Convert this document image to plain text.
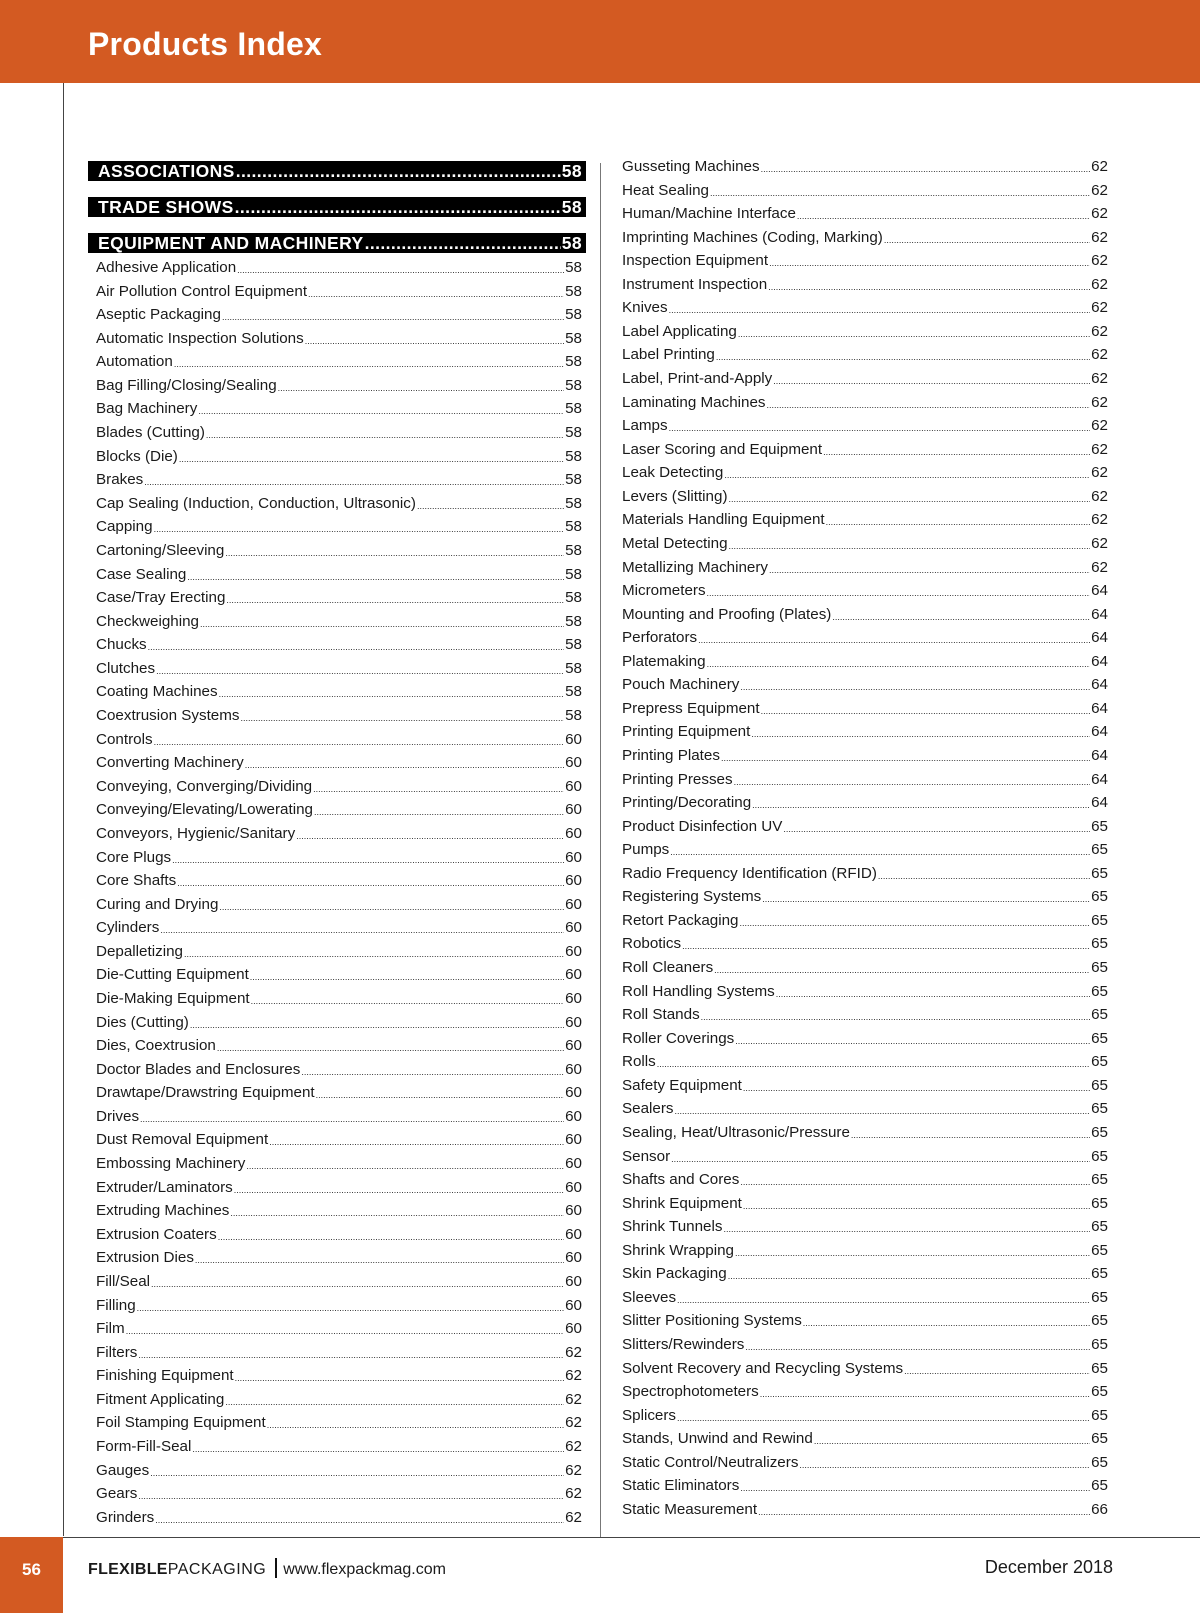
Products Index
ASSOCIATIONS .....	58
TRADE SHOWS .....	58
EQUIPMENT AND MACHINERY .....	58
Adhesive Application .....	58
Air Pollution Control Equipment .....	58
Aseptic Packaging .....	58
Automatic Inspection Solutions .....	58
Automation .....	58
Bag Filling/Closing/Sealing .....	58
Bag Machinery .....	58
Blades (Cutting) .....	58
Blocks (Die) .....	58
Brakes .....	58
Cap Sealing (Induction, Conduction, Ultrasonic) .....	58
Capping .....	58
Cartoning/Sleeving .....	58
Case Sealing .....	58
Case/Tray Erecting .....	58
Checkweighing .....	58
Chucks .....	58
Clutches .....	58
Coating Machines .....	58
Coextrusion Systems .....	58
Controls .....	60
Converting Machinery .....	60
Conveying, Converging/Dividing .....	60
Conveying/Elevating/Lowerating .....	60
Conveyors, Hygienic/Sanitary .....	60
Core Plugs .....	60
Core Shafts .....	60
Curing and Drying .....	60
Cylinders .....	60
Depalletizing .....	60
Die-Cutting Equipment .....	60
Die-Making Equipment .....	60
Dies (Cutting) .....	60
Dies, Coextrusion .....	60
Doctor Blades and Enclosures .....	60
Drawtape/Drawstring Equipment .....	60
Drives .....	60
Dust Removal Equipment .....	60
Embossing Machinery .....	60
Extruder/Laminators .....	60
Extruding Machines .....	60
Extrusion Coaters .....	60
Extrusion Dies .....	60
Fill/Seal .....	60
Filling .....	60
Film .....	60
Filters .....	62
Finishing Equipment .....	62
Fitment Applicating .....	62
Foil Stamping Equipment .....	62
Form-Fill-Seal .....	62
Gauges .....	62
Gears .....	62
Grinders .....	62
Gusseting Machines .....	62
Heat Sealing .....	62
Human/Machine Interface .....	62
Imprinting Machines (Coding, Marking) .....	62
Inspection Equipment .....	62
Instrument Inspection .....	62
Knives .....	62
Label Applicating .....	62
Label Printing .....	62
Label, Print-and-Apply .....	62
Laminating Machines .....	62
Lamps .....	62
Laser Scoring and Equipment .....	62
Leak Detecting .....	62
Levers (Slitting) .....	62
Materials Handling Equipment .....	62
Metal Detecting .....	62
Metallizing Machinery .....	62
Micrometers .....	64
Mounting and Proofing (Plates) .....	64
Perforators .....	64
Platemaking .....	64
Pouch Machinery .....	64
Prepress Equipment .....	64
Printing Equipment .....	64
Printing Plates .....	64
Printing Presses .....	64
Printing/Decorating .....	64
Product Disinfection UV .....	65
Pumps .....	65
Radio Frequency Identification (RFID) .....	65
Registering Systems .....	65
Retort Packaging .....	65
Robotics .....	65
Roll Cleaners .....	65
Roll Handling Systems .....	65
Roll Stands .....	65
Roller Coverings .....	65
Rolls .....	65
Safety Equipment .....	65
Sealers .....	65
Sealing, Heat/Ultrasonic/Pressure .....	65
Sensor .....	65
Shafts and Cores .....	65
Shrink Equipment .....	65
Shrink Tunnels .....	65
Shrink Wrapping .....	65
Skin Packaging .....	65
Sleeves .....	65
Slitter Positioning Systems .....	65
Slitters/Rewinders .....	65
Solvent Recovery and Recycling Systems .....	65
Spectrophotometers .....	65
Splicers .....	65
Stands, Unwind and Rewind .....	65
Static Control/Neutralizers .....	65
Static Eliminators .....	65
Static Measurement .....	66
56	FLEXIBLEPACKAGING www.flexpackmag.com	December 2018
